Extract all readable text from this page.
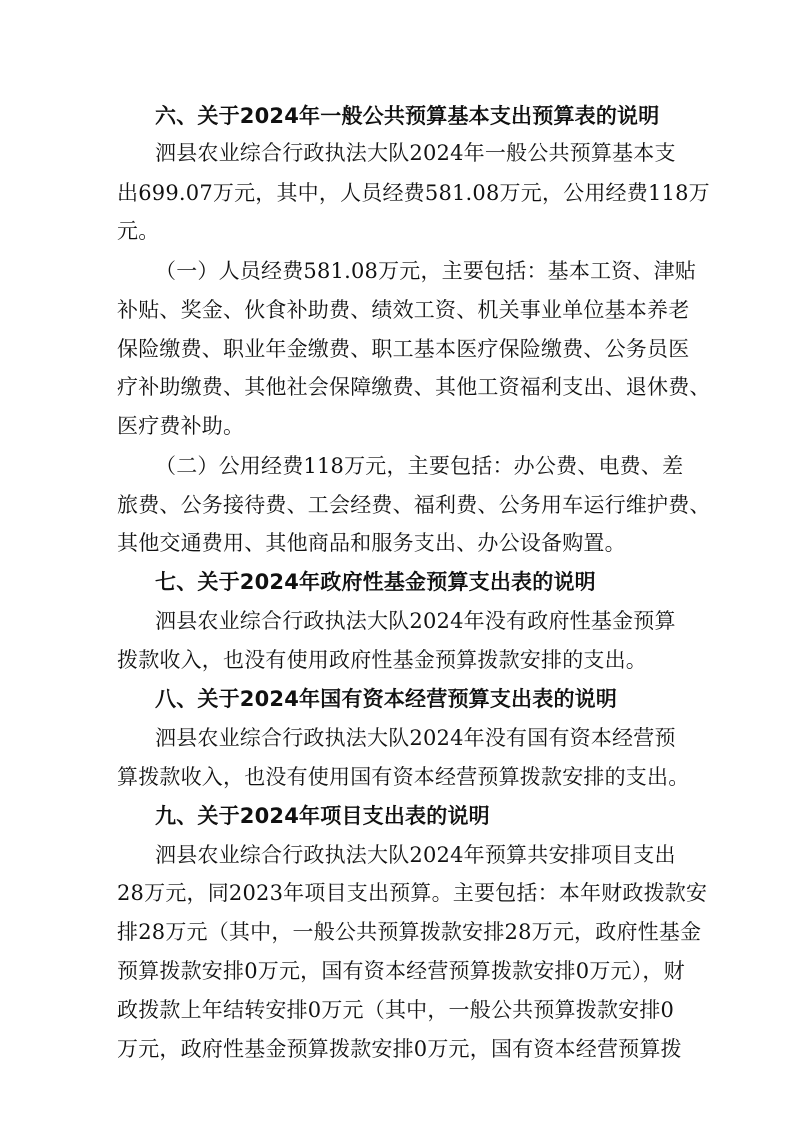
六、关于2024年一般公共预算基本支出预算表的说明
泗县农业综合行政执法大队2024年一般公共预算基本支
出699.07万元，其中，人员经费581.08万元，公用经费118万
元。
（一）人员经费581.08万元，主要包括：基本工资、津贴
补贴、奖金、伙食补助费、绩效工资、机关事业单位基本养老
保险缴费、职业年金缴费、职工基本医疗保险缴费、公务员医
疗补助缴费、其他社会保障缴费、其他工资福利支出、退休费、
医疗费补助。
（二）公用经费118万元，主要包括：办公费、电费、差
旅费、公务接待费、工会经费、福利费、公务用车运行维护费、
其他交通费用、其他商品和服务支出、办公设备购置。
七、关于2024年政府性基金预算支出表的说明
泗县农业综合行政执法大队2024年没有政府性基金预算
拨款收入，也没有使用政府性基金预算拨款安排的支出。
八、关于2024年国有资本经营预算支出表的说明
泗县农业综合行政执法大队2024年没有国有资本经营预
算拨款收入，也没有使用国有资本经营预算拨款安排的支出。
九、关于2024年项目支出表的说明
泗县农业综合行政执法大队2024年预算共安排项目支出
28万元，同2023年项目支出预算。主要包括：本年财政拨款安
排28万元（其中，一般公共预算拨款安排28万元，政府性基金
预算拨款安排0万元，国有资本经营预算拨款安排0万元），财
政拨款上年结转安排0万元（其中，一般公共预算拨款安排0
万元，政府性基金预算拨款安排0万元，国有资本经营预算拨
